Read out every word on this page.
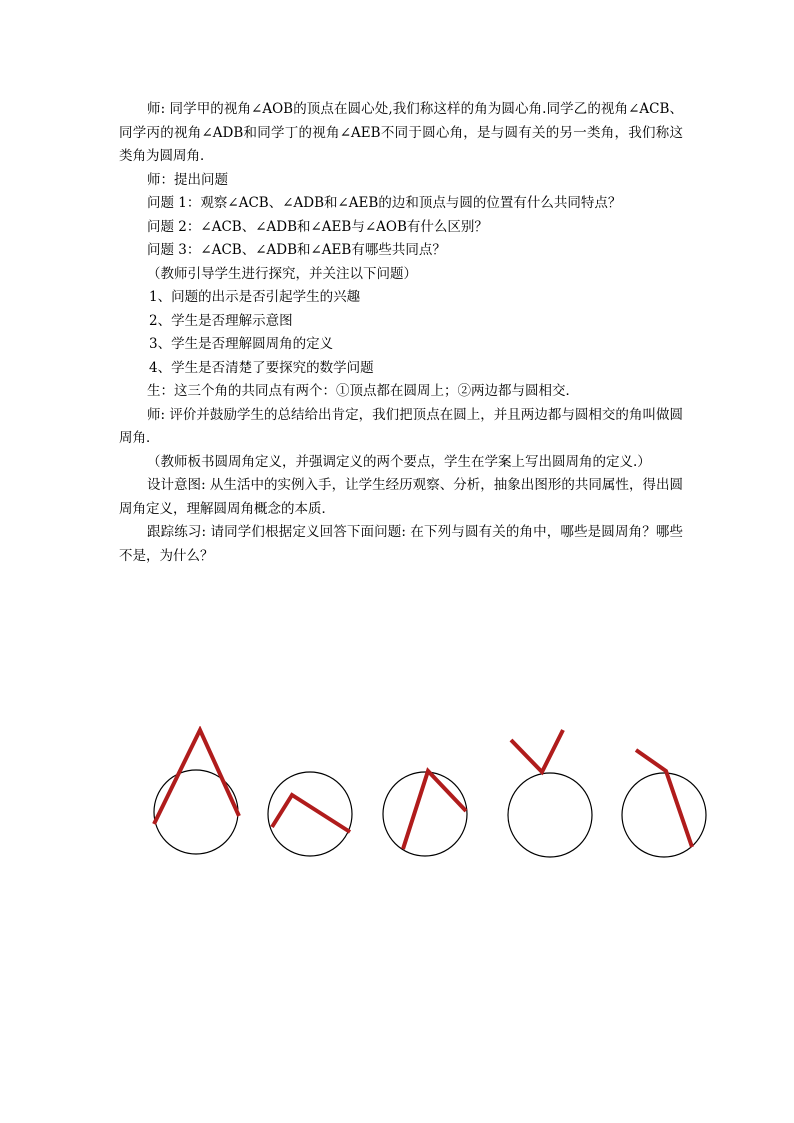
师: 同学甲的视角∠AOB的顶点在圆心处,我们称这样的角为圆心角.同学乙的视角∠ACB、同学丙的视角∠ADB和同学丁的视角∠AEB不同于圆心角，是与圆有关的另一类角，我们称这类角为圆周角．

师：提出问题

问题 1：观察∠ACB、∠ADB和∠AEB的边和顶点与圆的位置有什么共同特点？

问题 2：∠ACB、∠ADB和∠AEB与∠AOB有什么区别？

问题 3：∠ACB、∠ADB和∠AEB有哪些共同点？

（教师引导学生进行探究，并关注以下问题）

1、问题的出示是否引起学生的兴趣

2、学生是否理解示意图

3、学生是否理解圆周角的定义

4、学生是否清楚了要探究的数学问题

生：这三个角的共同点有两个：①顶点都在圆周上；②两边都与圆相交．

师: 评价并鼓励学生的总结给出肯定，我们把顶点在圆上，并且两边都与圆相交的角叫做圆周角．

（教师板书圆周角定义，并强调定义的两个要点，学生在学案上写出圆周角的定义.）

设计意图: 从生活中的实例入手，让学生经历观察、分析，抽象出图形的共同属性，得出圆周角定义，理解圆周角概念的本质．

跟踪练习: 请同学们根据定义回答下面问题: 在下列与圆有关的角中，哪些是圆周角？哪些不是，为什么？
